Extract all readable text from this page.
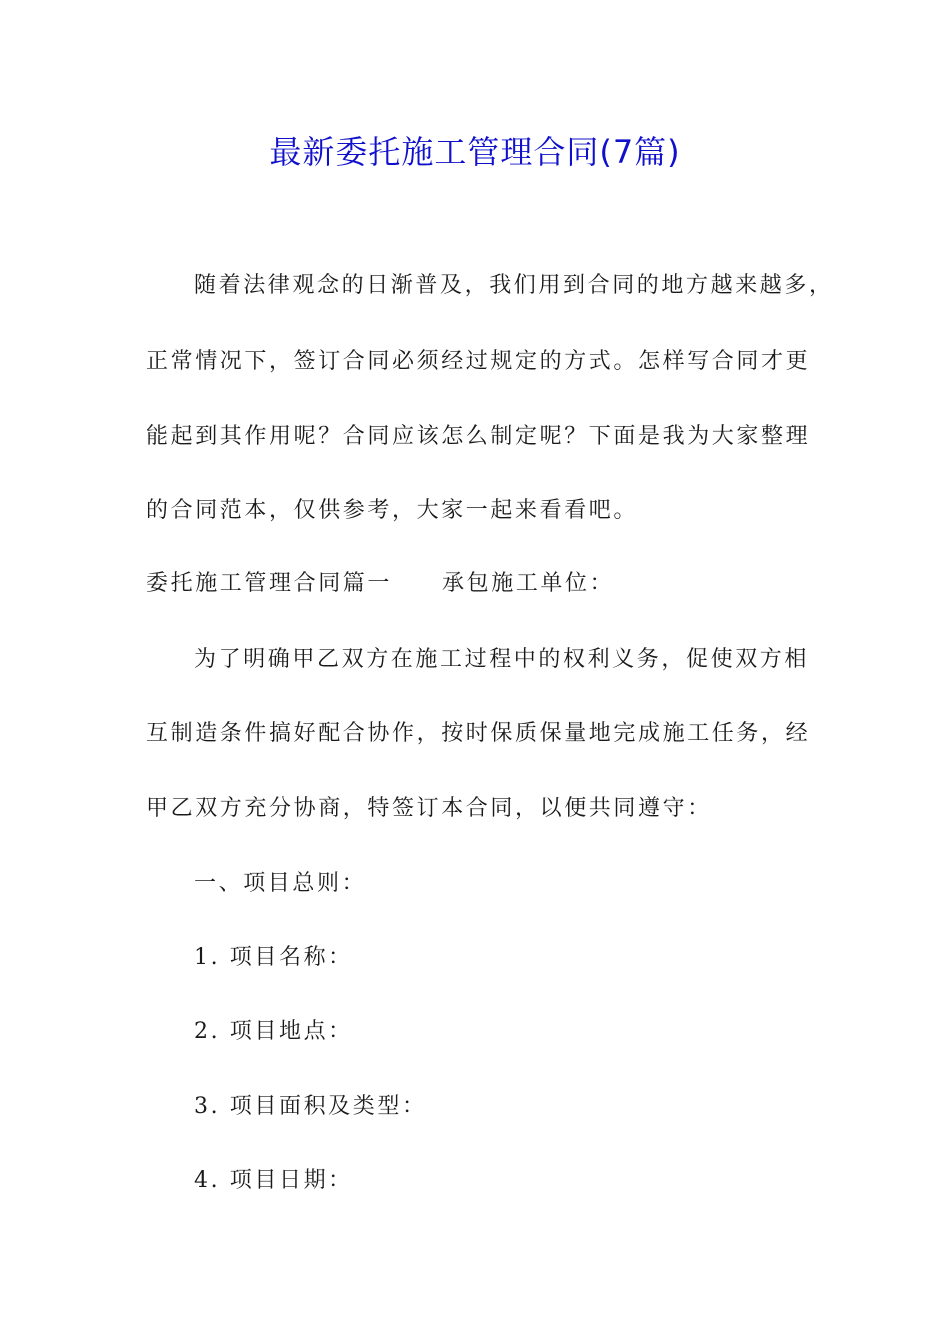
最新委托施工管理合同(7篇)
随着法律观念的日渐普及，我们用到合同的地方越来越多，
正常情况下，签订合同必须经过规定的方式。怎样写合同才更
能起到其作用呢？合同应该怎么制定呢？下面是我为大家整理
的合同范本，仅供参考，大家一起来看看吧。
委托施工管理合同篇一 承包施工单位：
为了明确甲乙双方在施工过程中的权利义务，促使双方相
互制造条件搞好配合协作，按时保质保量地完成施工任务，经
甲乙双方充分协商，特签订本合同，以便共同遵守：
一、项目总则：
1. 项目名称：
2. 项目地点：
3. 项目面积及类型：
4. 项目日期：
